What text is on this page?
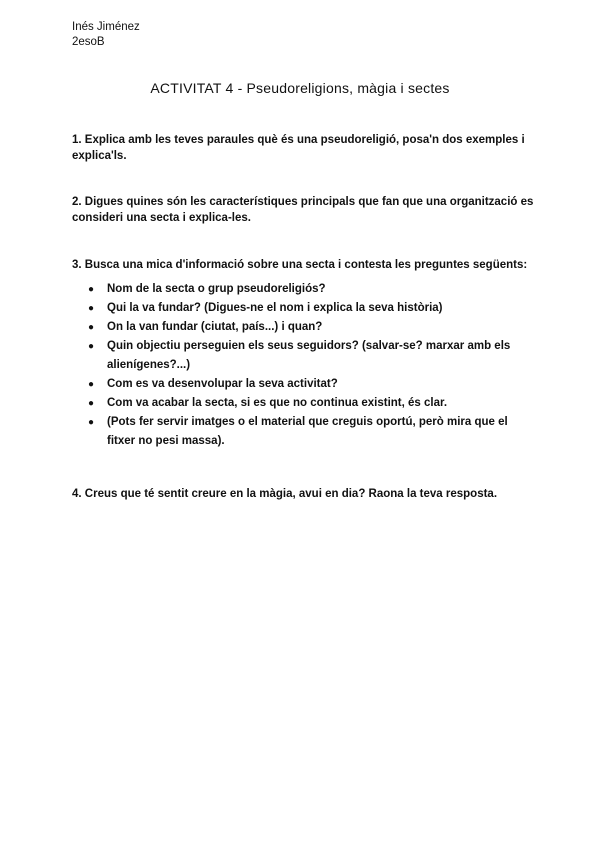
Inés Jiménez
2esoB
ACTIVITAT 4 - Pseudoreligions, màgia i sectes
1. Explica amb les teves paraules què és una pseudoreligió, posa'n dos exemples i explica'ls.
2. Digues quines són les característiques principals que fan que una organització es consideri una secta i explica-les.
3. Busca una mica d'informació sobre una secta i contesta les preguntes següents:
● Nom de la secta o grup pseudoreligiós?
● Qui la va fundar? (Digues-ne el nom i explica la seva història)
● On la van fundar (ciutat, país...) i quan?
● Quin objectiu perseguien els seus seguidors? (salvar-se? marxar amb els alienígenes?...)
● Com es va desenvolupar la seva activitat?
● Com va acabar la secta, si es que no continua existint, és clar.
● (Pots fer servir imatges o el material que creguis oportú, però mira que el fitxer no pesi massa).
4. Creus que té sentit creure en la màgia, avui en dia? Raona la teva resposta.
